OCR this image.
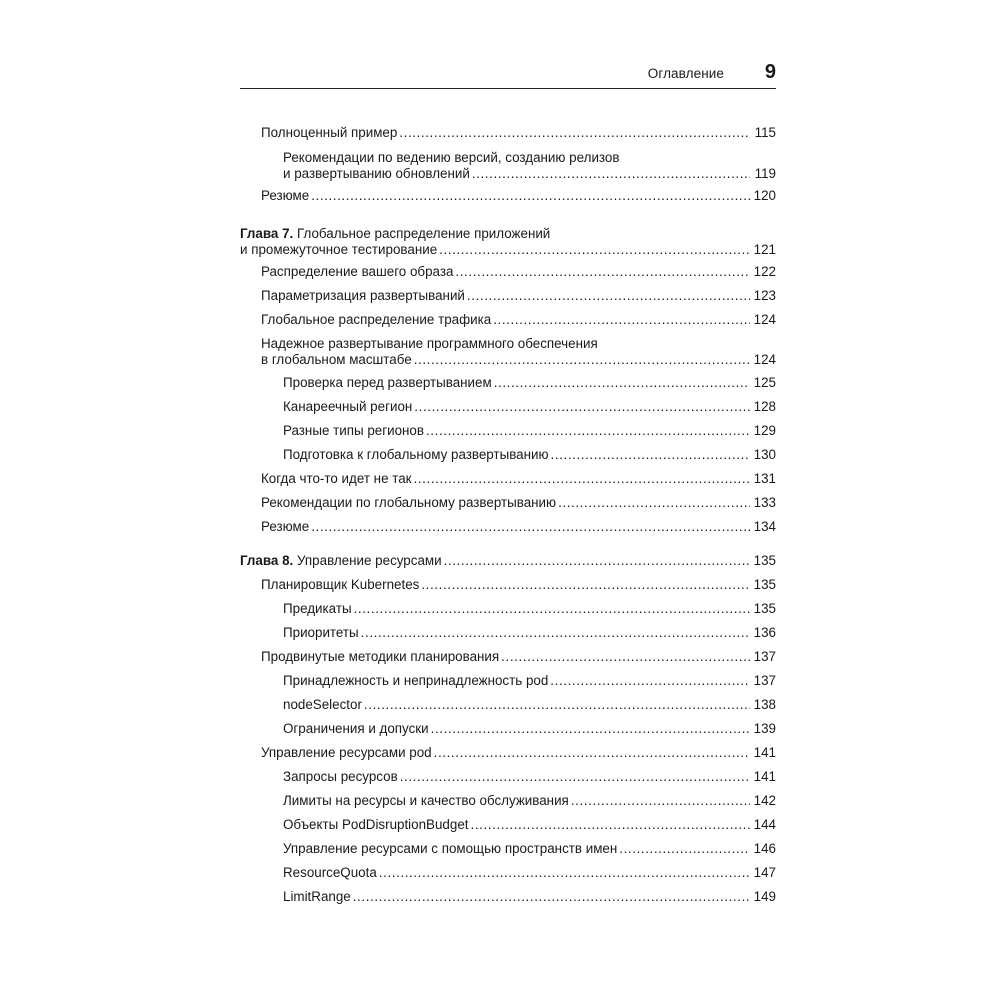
Оглавление 9
Полноценный пример .....	115
Рекомендации по ведению версий, созданию релизов
и развертыванию обновлений .....	119
Резюме .....	120
Глава 7. Глобальное распределение приложений
и промежуточное тестирование .....	121
Распределение вашего образа .....	122
Параметризация развертываний .....	123
Глобальное распределение трафика .....	124
Надежное развертывание программного обеспечения
в глобальном масштабе .....	124
Проверка перед развертыванием .....	125
Канареечный регион .....	128
Разные типы регионов .....	129
Подготовка к глобальному развертыванию .....	130
Когда что-то идет не так .....	131
Рекомендации по глобальному развертыванию .....	133
Резюме .....	134
Глава 8. Управление ресурсами .....	135
Планировщик Kubernetes .....	135
Предикаты .....	135
Приоритеты .....	136
Продвинутые методики планирования .....	137
Принадлежность и непринадлежность pod .....	137
nodeSelector .....	138
Ограничения и допуски .....	139
Управление ресурсами pod .....	141
Запросы ресурсов .....	141
Лимиты на ресурсы и качество обслуживания .....	142
Объекты PodDisruptionBudget .....	144
Управление ресурсами с помощью пространств имен .....	146
ResourceQuota .....	147
LimitRange .....	149
